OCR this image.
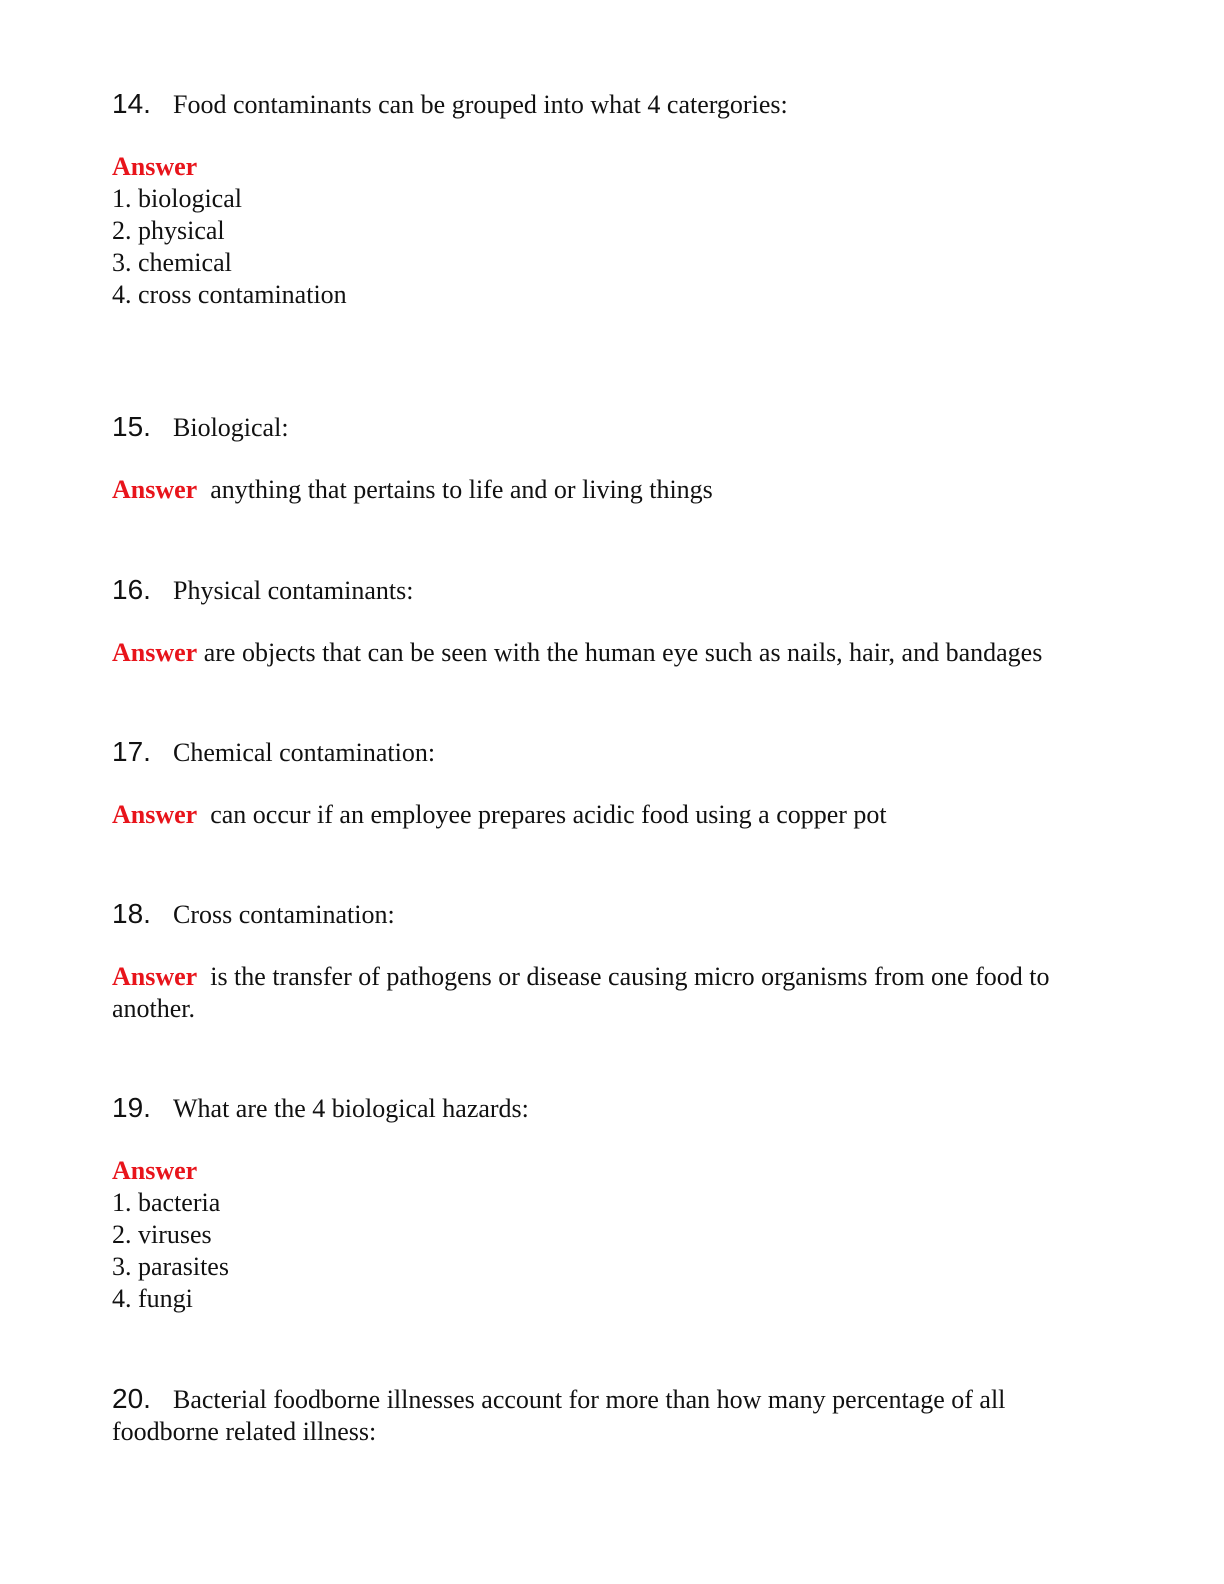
14. Food contaminants can be grouped into what 4 catergories:
Answer
1. biological
2. physical
3. chemical
4. cross contamination
15. Biological:
Answer anything that pertains to life and or living things
16. Physical contaminants:
Answer are objects that can be seen with the human eye such as nails, hair, and bandages
17. Chemical contamination:
Answer can occur if an employee prepares acidic food using a copper pot
18. Cross contamination:
Answer is the transfer of pathogens or disease causing micro organisms from one food to
another.
19. What are the 4 biological hazards:
Answer
1. bacteria
2. viruses
3. parasites
4. fungi
20. Bacterial foodborne illnesses account for more than how many percentage of all
foodborne related illness:
